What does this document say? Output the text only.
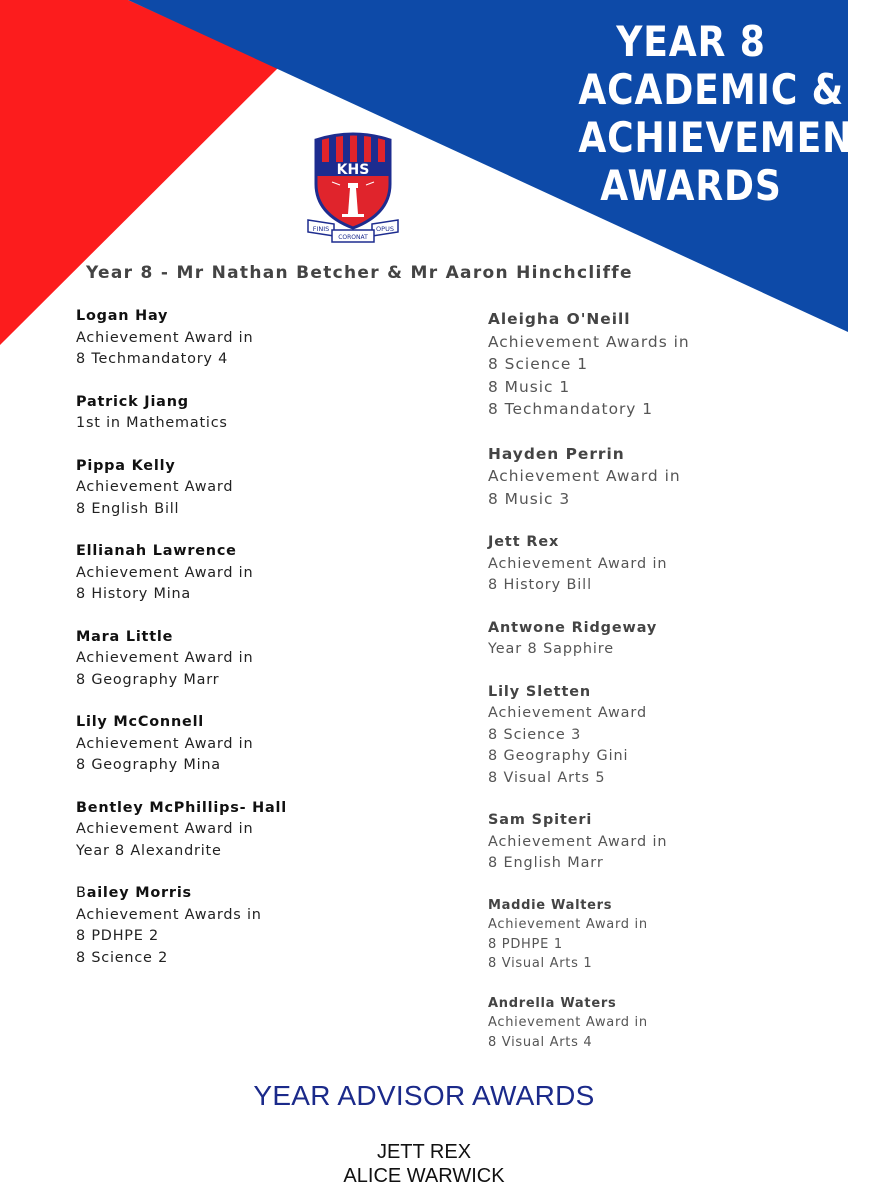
YEAR 8
ACADEMIC &
ACHIEVEMENT
AWARDS
KHS
FINIS
CORONAT
OPUS
Year 8 - Mr Nathan Betcher & Mr Aaron Hinchcliffe
Logan Hay
Achievement Award in
8 Techmandatory 4
Patrick Jiang
1st in Mathematics
Pippa Kelly
Achievement Award
8 English Bill
Ellianah Lawrence
Achievement Award in
8 History Mina
Mara Little
Achievement Award in
8 Geography Marr
Lily McConnell
Achievement Award in
8 Geography Mina
Bentley McPhillips- Hall
Achievement Award in
Year 8 Alexandrite
Bailey Morris
Achievement Awards in
8 PDHPE 2
8 Science 2
Aleigha O'Neill
Achievement Awards in
8 Science 1
8 Music 1
8 Techmandatory 1
Hayden Perrin
Achievement Award in
8 Music 3
Jett Rex
Achievement Award in
8 History Bill
Antwone Ridgeway
Year 8 Sapphire
Lily Sletten
Achievement Award
8 Science 3
8 Geography Gini
8 Visual Arts 5
Sam Spiteri
Achievement Award in
8 English Marr
Maddie Walters
Achievement Award in
8 PDHPE 1
8 Visual Arts 1
Andrella Waters
Achievement Award in
8 Visual Arts 4
YEAR ADVISOR AWARDS
JETT REX
ALICE WARWICK
